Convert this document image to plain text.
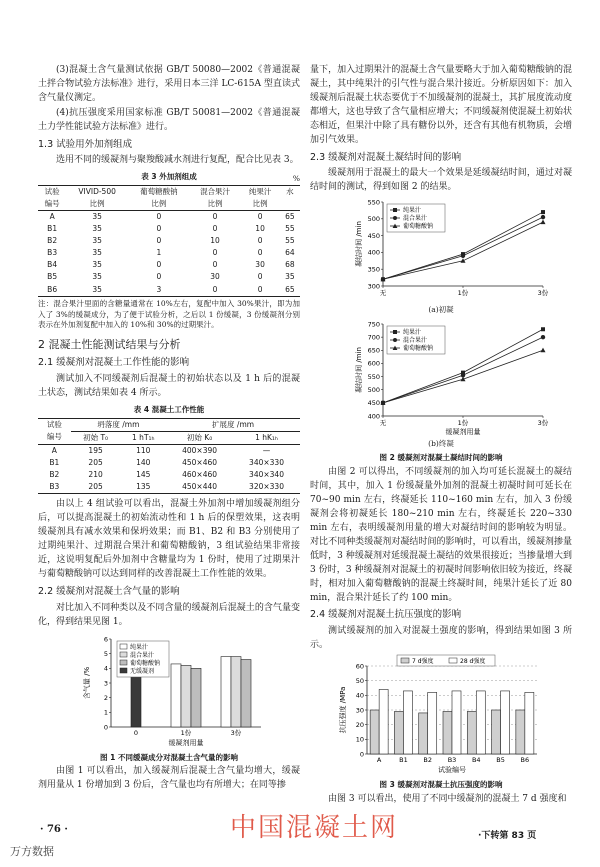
(3)混凝土含气量测试依据 GB/T 50080—2002《普通混凝土拌合物试验方法标准》进行，采用日本三洋 LC-615A 型直读式含气量仪测定。

(4)抗压强度采用国家标准 GB/T 50081—2002《普通混凝土力学性能试验方法标准》进行。

1.3 试验用外加剂组成

选用不同的缓凝剂与聚羧酸减水剂进行复配，配合比见表 3。

表 3 外加剂组成	%
试验	VIVID-500	葡萄糖酸钠	混合果汁	纯果汁	水
编号	比例	比例	比例	比例	
A	35	0	0	0	65
B1	35	0	0	10	55
B2	35	0	10	0	55
B3	35	1	0	0	64
B4	35	0	0	30	68
B5	35	0	30	0	35
B6	35	3	0	0	65
注：混合果汁里面的含糖量通常在 10%左右，复配中加入 30%果汁，即为加入了 3%的缓凝成分，为了便于试验分析，之后以 1 份缓凝，3 份缓凝剂分别表示在外加剂复配中加入的 10%和 30%的过期果汁。
2 混凝土性能测试结果与分析
2.1 缓凝剂对混凝土工作性能的影响

测试加入不同缓凝剂后混凝土的初始状态以及 1 h 后的混凝土状态，测试结果如表 4 所示。

表 4 混凝土工作性能
试验	坍落度 /mm		扩展度 /mm	
编号	初始 T₀	1 hT₁ₕ	初始 K₀	1 hK₁ₕ
A	195	110	400×390	—
B1	205	140	450×460	340×330
B2	210	145	460×460	340×340
B3	205	135	450×440	320×330

由以上 4 组试验可以看出，混凝土外加剂中增加缓凝剂组分后，可以提高混凝土的初始流动性和 1 h 后的保塑效果，这表明缓凝剂具有减水效果和保坍效果；而 B1、B2 和 B3 分别使用了过期纯果汁、过期混合果汁和葡萄糖酸钠，3 组试验结果非常接近，这说明复配后外加剂中含糖量均为 1 份时，使用了过期果汁与葡萄糖酸钠可以达到同样的改善混凝土工作性能的效果。

2.2 缓凝剂对混凝土含气量的影响

对比加入不同种类以及不同含量的缓凝剂后混凝土的含气量变化，得到结果见图 1。

0
1
2
3
4
5
6
含气量 /%
缓凝剂用量
0	1份	3份
纯果汁
混合果汁
葡萄糖酸钠
无缓凝剂
图 1 不同缓凝成分对混凝土含气量的影响

由图 1 可以看出，加入缓凝剂后混凝土含气量均增大，缓凝剂用量从 1 份增加到 3 份后，含气量也均有所增大；在同等掺

量下，加入过期果汁的混凝土含气量要略大于加入葡萄糖酸钠的混凝土，其中纯果汁的引气性与混合果汁接近。分析原因如下：加入缓凝剂后混凝土状态要优于不加缓凝剂的混凝土，其扩展度流动度都增大，这也导致了含气量相应增大；不同缓凝剂使混凝土初始状态相近，但果汁中除了具有糖份以外，还含有其他有机物质，会增加引气效果。

2.3 缓凝剂对混凝土凝结时间的影响

缓凝剂用于混凝土的最大一个效果是延缓凝结时间，通过对凝结时间的测试，得到如图 2 的结果。

300
350
400
450
500
550
凝结时间 /min
无	1份	3份
纯果汁
混合果汁
葡萄糖酸钠
(a)初凝
400
450
500
550
600
650
700
750
凝结时间 /min
缓凝剂用量
无	1份	3份
纯果汁
混合果汁
葡萄糖酸钠
(b)终凝
图 2 缓凝剂对混凝土凝结时间的影响

由图 2 可以得出，不同缓凝剂的加入均可延长混凝土的凝结时间，其中，加入 1 份缓凝量外加剂的混凝土初凝时间可延长在 70~90 min 左右，终凝延长 110~160 min 左右，加入 3 份缓凝剂会将初凝延长 180~210 min 左右，终凝延长 220~330 min 左右，表明缓凝剂用量的增大对凝结时间的影响较为明显。对比不同种类缓凝剂对凝结时间的影响时，可以看出，缓凝剂掺量低时，3 种缓凝剂对延缓混凝土凝结的效果很接近；当掺量增大到 3 份时，3 种缓凝剂对混凝土的初凝时间影响依旧较为接近，终凝时，相对加入葡萄糖酸钠的混凝土终凝时间，纯果汁延长了近 80 min，混合果汁延长了约 100 min。

2.4 缓凝剂对混凝土抗压强度的影响

测试缓凝剂的加入对混凝土强度的影响，得到结果如图 3 所示。

0
10
20
30
40
50
60
抗压强度 /MPa
试验编号
A	B1 B2 B3 B4 B5 B6
7 d强度	28 d强度
图 3 缓凝剂对混凝土抗压强度的影响

由图 3 可以看出，使用了不同中缓凝剂的混凝土 7 d 强度和

· 76 ·
万方数据
中国混凝土网	·下转第 83 页
